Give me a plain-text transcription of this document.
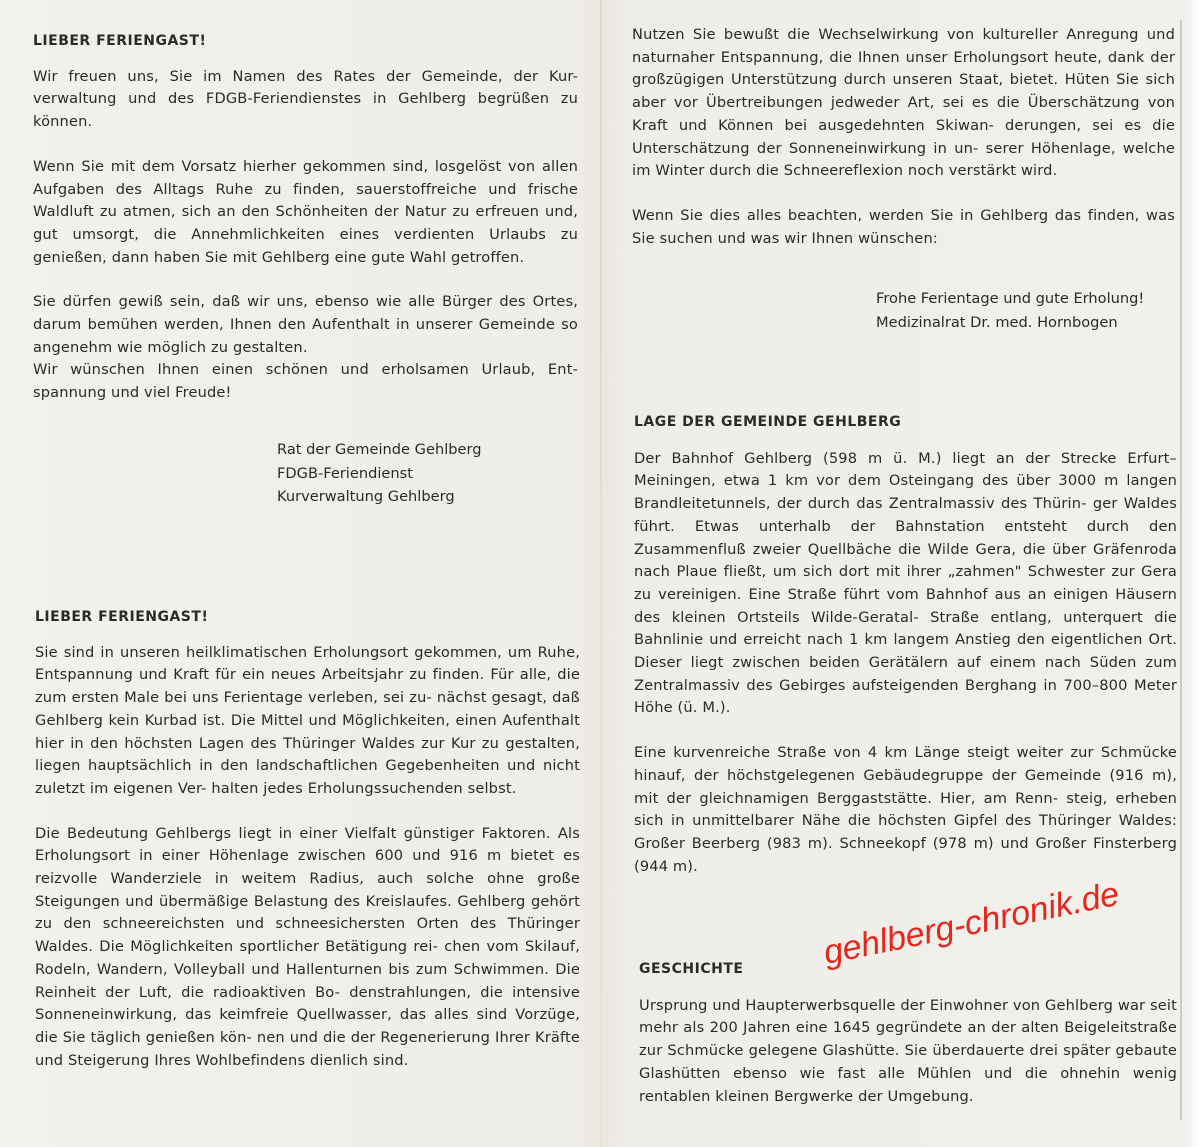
LIEBER FERIENGAST!

Wir freuen uns, Sie im Namen des Rates der Gemeinde, der Kur- verwaltung und des FDGB-Feriendienstes in Gehlberg begrüßen zu können.

Wenn Sie mit dem Vorsatz hierher gekommen sind, losgelöst von allen Aufgaben des Alltags Ruhe zu finden, sauerstoffreiche und frische Waldluft zu atmen, sich an den Schönheiten der Natur zu erfreuen und, gut umsorgt, die Annehmlichkeiten eines verdienten Urlaubs zu genießen, dann haben Sie mit Gehlberg eine gute Wahl getroffen.

Sie dürfen gewiß sein, daß wir uns, ebenso wie alle Bürger des Ortes, darum bemühen werden, Ihnen den Aufenthalt in unserer Gemeinde so angenehm wie möglich zu gestalten.

Wir wünschen Ihnen einen schönen und erholsamen Urlaub, Ent- spannung und viel Freude!

Rat der Gemeinde Gehlberg
FDGB-Feriendienst
Kurverwaltung Gehlberg

LIEBER FERIENGAST!

Sie sind in unseren heilklimatischen Erholungsort gekommen, um Ruhe, Entspannung und Kraft für ein neues Arbeitsjahr zu finden. Für alle, die zum ersten Male bei uns Ferientage verleben, sei zu- nächst gesagt, daß Gehlberg kein Kurbad ist. Die Mittel und Möglichkeiten, einen Aufenthalt hier in den höchsten Lagen des Thüringer Waldes zur Kur zu gestalten, liegen hauptsächlich in den landschaftlichen Gegebenheiten und nicht zuletzt im eigenen Ver- halten jedes Erholungssuchenden selbst.

Die Bedeutung Gehlbergs liegt in einer Vielfalt günstiger Faktoren. Als Erholungsort in einer Höhenlage zwischen 600 und 916 m bietet es reizvolle Wanderziele in weitem Radius, auch solche ohne große Steigungen und übermäßige Belastung des Kreislaufes. Gehlberg gehört zu den schneereichsten und schneesichersten Orten des Thüringer Waldes. Die Möglichkeiten sportlicher Betätigung rei- chen vom Skilauf, Rodeln, Wandern, Volleyball und Hallenturnen bis zum Schwimmen. Die Reinheit der Luft, die radioaktiven Bo- denstrahlungen, die intensive Sonneneinwirkung, das keimfreie Quellwasser, das alles sind Vorzüge, die Sie täglich genießen kön- nen und die der Regenerierung Ihrer Kräfte und Steigerung Ihres Wohlbefindens dienlich sind.

Nutzen Sie bewußt die Wechselwirkung von kultureller Anregung und naturnaher Entspannung, die Ihnen unser Erholungsort heute, dank der großzügigen Unterstützung durch unseren Staat, bietet. Hüten Sie sich aber vor Übertreibungen jedweder Art, sei es die Überschätzung von Kraft und Können bei ausgedehnten Skiwan- derungen, sei es die Unterschätzung der Sonneneinwirkung in un- serer Höhenlage, welche im Winter durch die Schneereflexion noch verstärkt wird.

Wenn Sie dies alles beachten, werden Sie in Gehlberg das finden, was Sie suchen und was wir Ihnen wünschen:

Frohe Ferientage und gute Erholung!
Medizinalrat Dr. med. Hornbogen

LAGE DER GEMEINDE GEHLBERG

Der Bahnhof Gehlberg (598 m ü. M.) liegt an der Strecke Erfurt– Meiningen, etwa 1 km vor dem Osteingang des über 3000 m langen Brandleitetunnels, der durch das Zentralmassiv des Thürin- ger Waldes führt. Etwas unterhalb der Bahnstation entsteht durch den Zusammenfluß zweier Quellbäche die Wilde Gera, die über Gräfenroda nach Plaue fließt, um sich dort mit ihrer „zahmen" Schwester zur Gera zu vereinigen. Eine Straße führt vom Bahnhof aus an einigen Häusern des kleinen Ortsteils Wilde-Geratal- Straße entlang, unterquert die Bahnlinie und erreicht nach 1 km langem Anstieg den eigentlichen Ort. Dieser liegt zwischen beiden Gerätälern auf einem nach Süden zum Zentralmassiv des Gebirges aufsteigenden Berghang in 700–800 Meter Höhe (ü. M.).

Eine kurvenreiche Straße von 4 km Länge steigt weiter zur Schmücke hinauf, der höchstgelegenen Gebäudegruppe der Gemeinde (916 m), mit der gleichnamigen Berggaststätte. Hier, am Renn- steig, erheben sich in unmittelbarer Nähe die höchsten Gipfel des Thüringer Waldes: Großer Beerberg (983 m). Schneekopf (978 m) und Großer Finsterberg (944 m).

GESCHICHTE

Ursprung und Haupterwerbsquelle der Einwohner von Gehlberg war seit mehr als 200 Jahren eine 1645 gegründete an der alten Beigeleitstraße zur Schmücke gelegene Glashütte. Sie überdauerte drei später gebaute Glashütten ebenso wie fast alle Mühlen und die ohnehin wenig rentablen kleinen Bergwerke der Umgebung.

gehlberg-chronik.de
